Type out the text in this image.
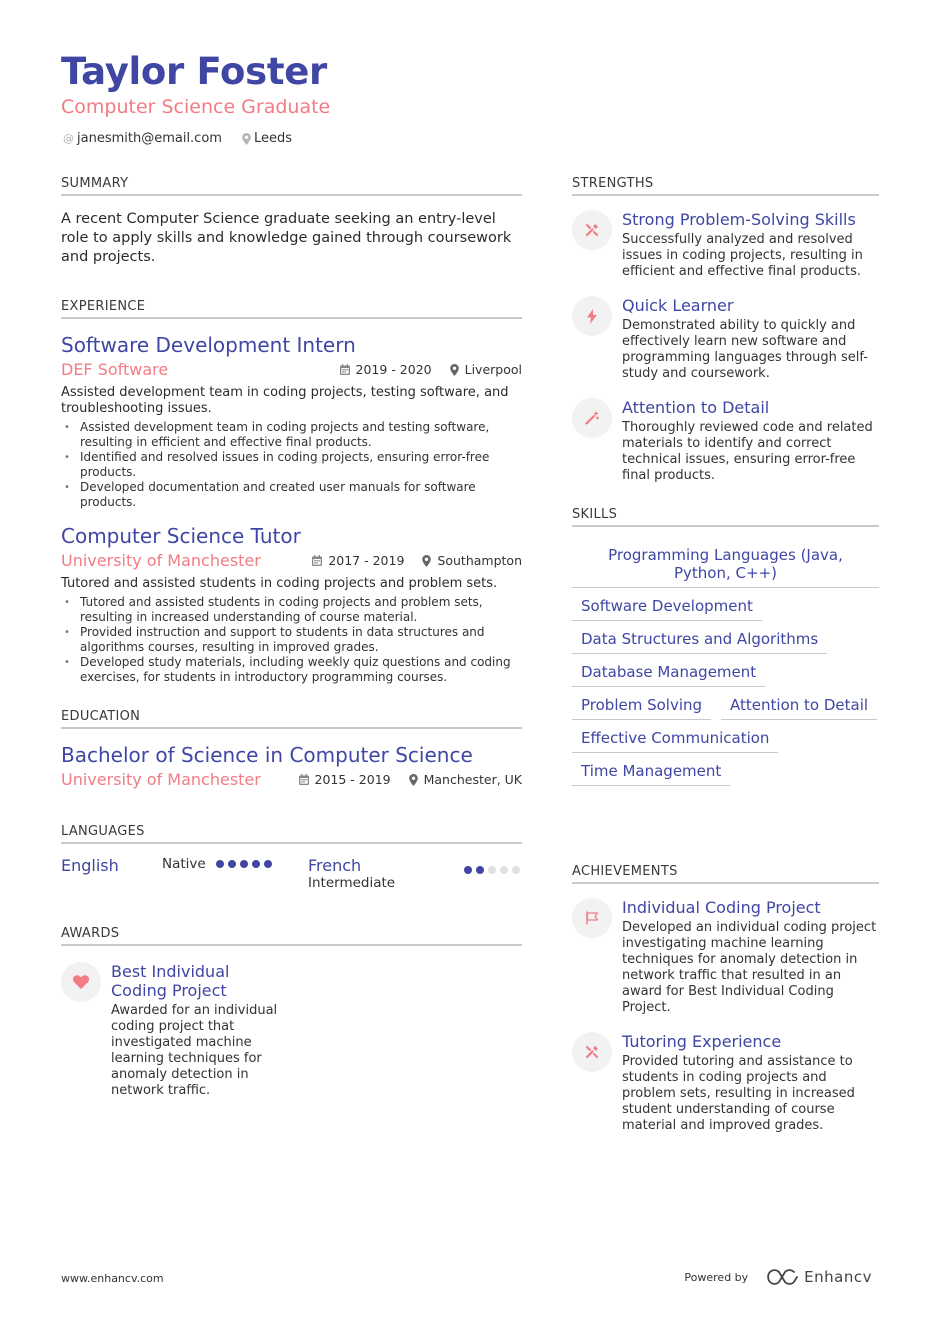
Taylor Foster
Computer Science Graduate
@ janesmith@email.com Leeds
SUMMARY
A recent Computer Science graduate seeking an entry-level role to apply skills and knowledge gained through coursework and projects.
EXPERIENCE
Software Development Intern
DEF Software	2019 - 2020	Liverpool
Assisted development team in coding projects, testing software, and troubleshooting issues.
• Assisted development team in coding projects and testing software, resulting in efficient and effective final products.
• Identified and resolved issues in coding projects, ensuring error-free products.
• Developed documentation and created user manuals for software products.
Computer Science Tutor
University of Manchester	2017 - 2019	Southampton
Tutored and assisted students in coding projects and problem sets.
• Tutored and assisted students in coding projects and problem sets, resulting in increased understanding of course material.
• Provided instruction and support to students in data structures and algorithms courses, resulting in improved grades.
• Developed study materials, including weekly quiz questions and coding exercises, for students in introductory programming courses.
EDUCATION
Bachelor of Science in Computer Science
University of Manchester	2015 - 2019	Manchester, UK
LANGUAGES
English	Native	French
Intermediate
AWARDS
Best Individual Coding Project
Awarded for an individual coding project that investigated machine learning techniques for anomaly detection in network traffic.
STRENGTHS
Strong Problem-Solving Skills
Successfully analyzed and resolved issues in coding projects, resulting in efficient and effective final products.
Quick Learner
Demonstrated ability to quickly and effectively learn new software and programming languages through self-study and coursework.
Attention to Detail
Thoroughly reviewed code and related materials to identify and correct technical issues, ensuring error-free final products.
SKILLS
Programming Languages (Java, Python, C++)
Software Development
Data Structures and Algorithms
Database Management
Problem Solving	Attention to Detail
Effective Communication
Time Management
ACHIEVEMENTS
Individual Coding Project
Developed an individual coding project investigating machine learning techniques for anomaly detection in network traffic that resulted in an award for Best Individual Coding Project.
Tutoring Experience
Provided tutoring and assistance to students in coding projects and problem sets, resulting in increased student understanding of course material and improved grades.
www.enhancv.com	Powered by	Enhancv
